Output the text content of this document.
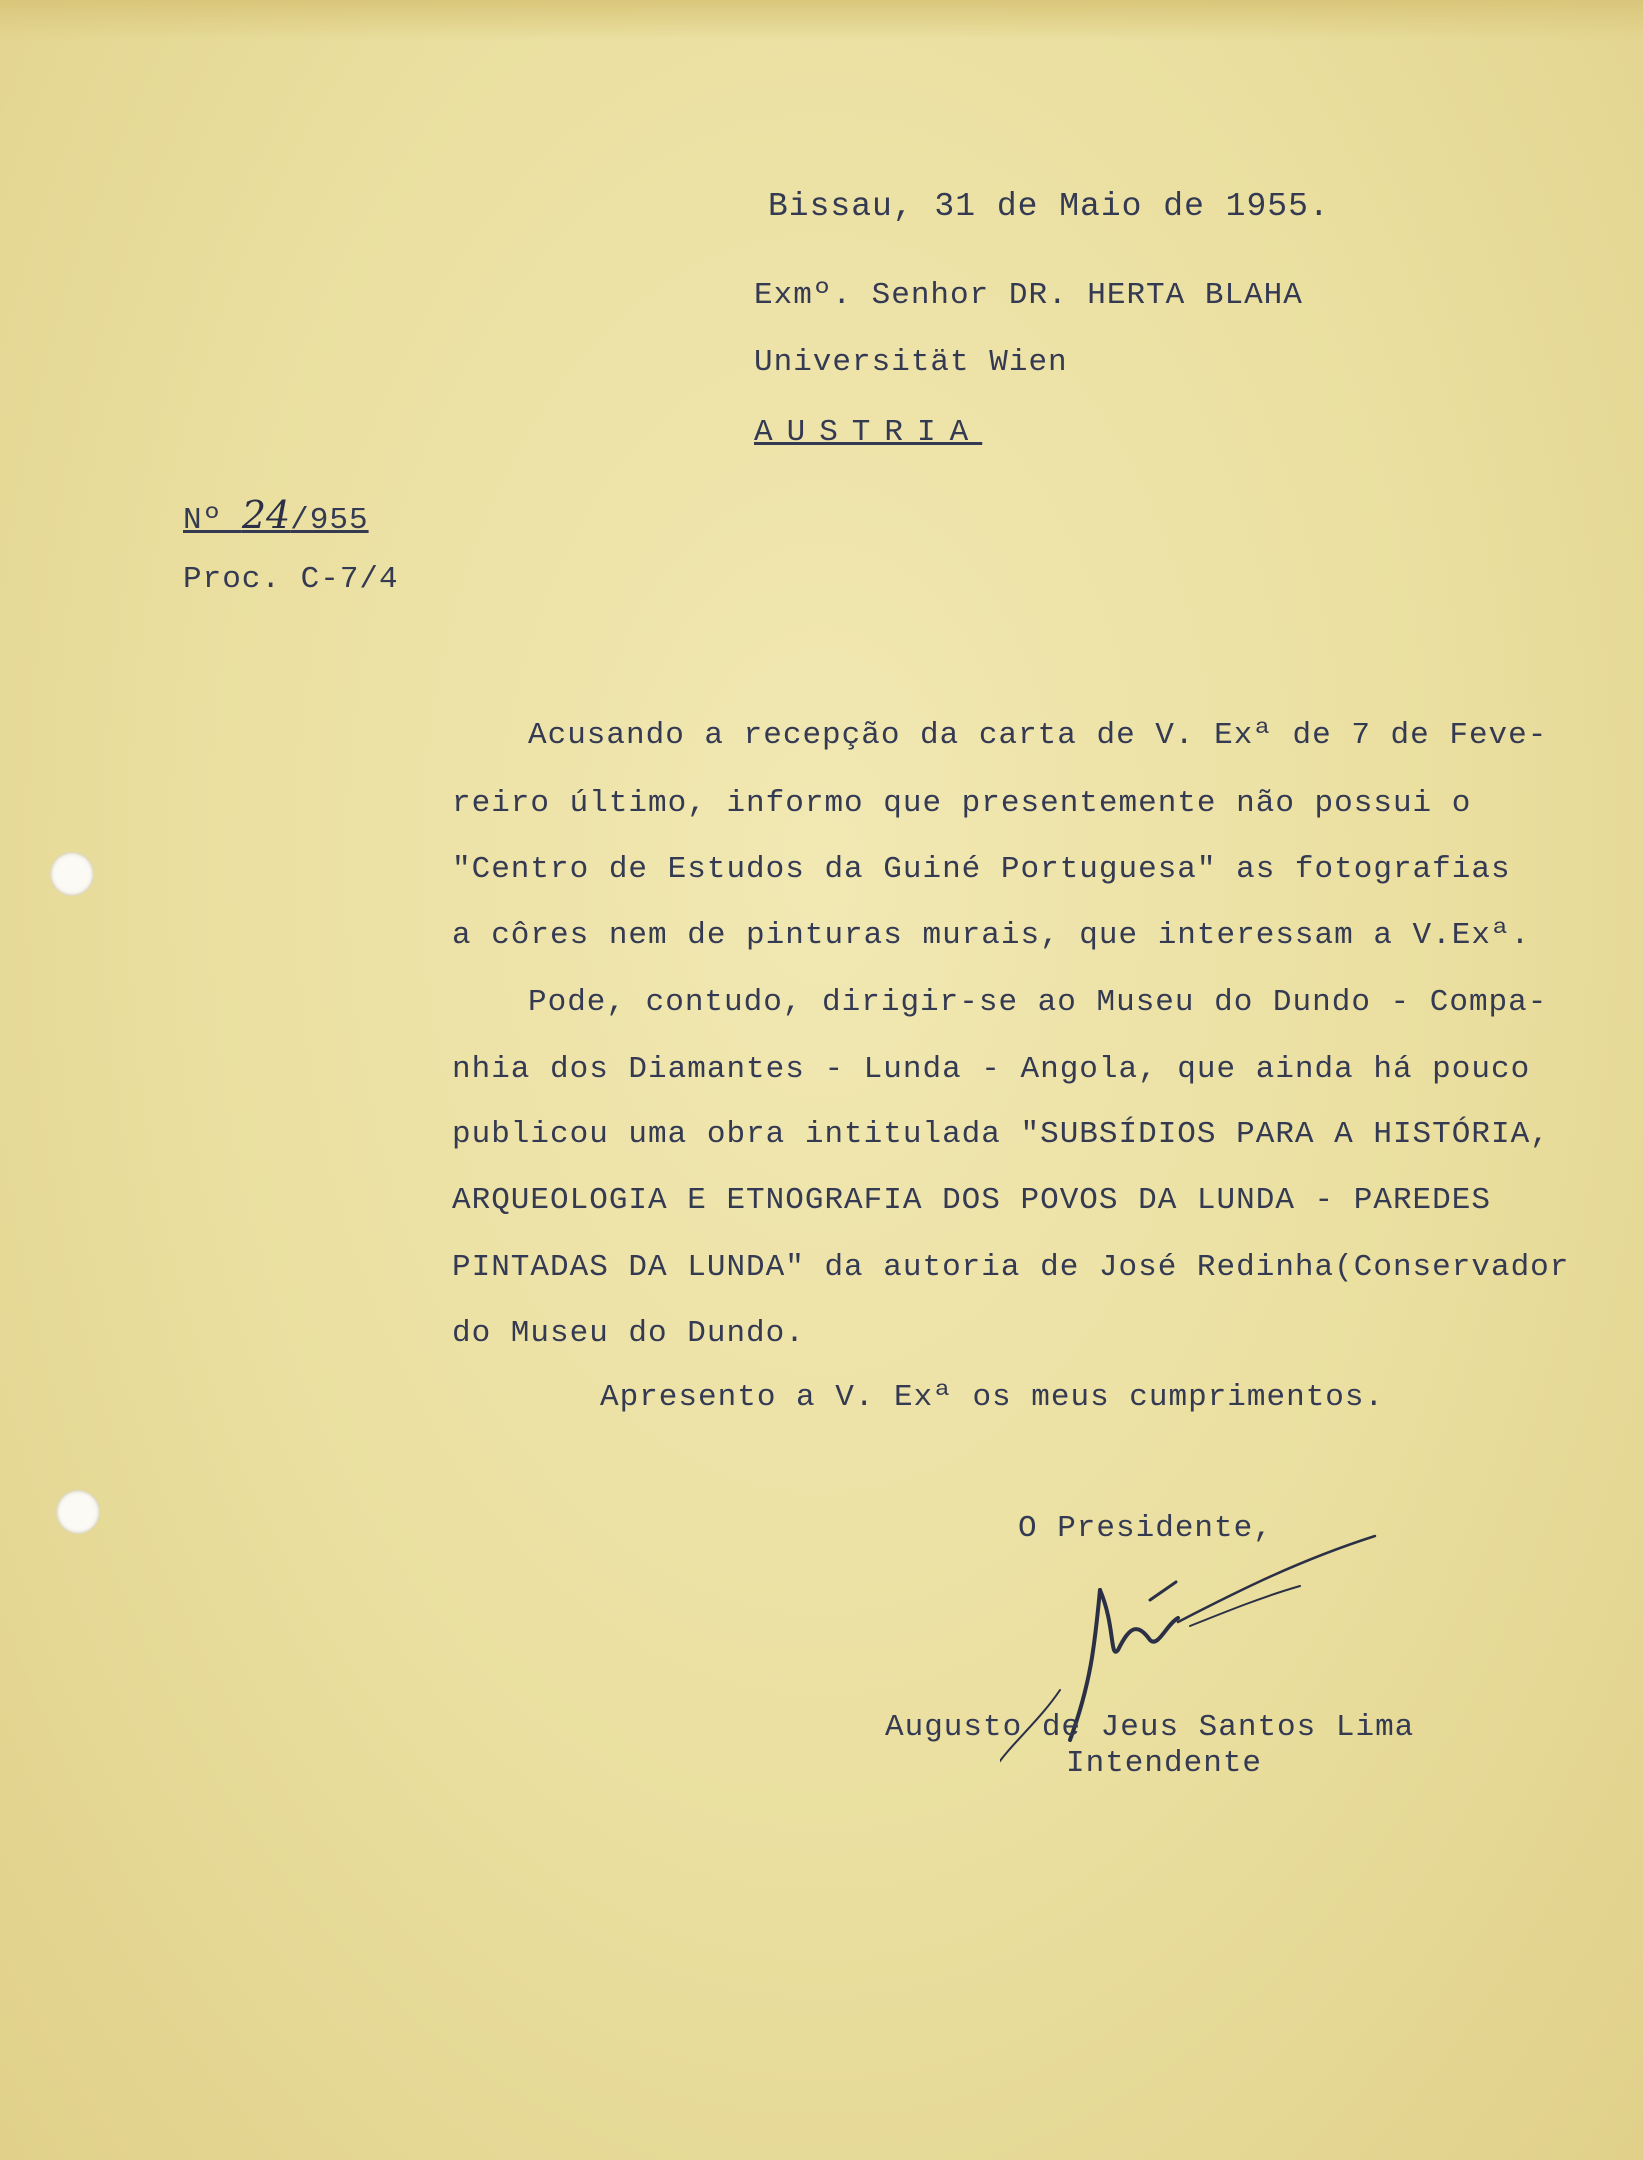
Bissau, 31 de Maio de 1955.
Exmº. Senhor DR. HERTA BLAHA
Universität Wien
AUSTRIA
Nº 24/955
Proc. C-7/4
Acusando a recepção da carta de V. Exª de 7 de Feve-
reiro último, informo que presentemente não possui o
"Centro de Estudos da Guiné Portuguesa" as fotografias
a côres nem de pinturas murais, que interessam a V.Exª.
Pode, contudo, dirigir-se ao Museu do Dundo - Compa-
nhia dos Diamantes - Lunda - Angola, que ainda há pouco
publicou uma obra intitulada "SUBSÍDIOS PARA A HISTÓRIA,
ARQUEOLOGIA E ETNOGRAFIA DOS POVOS DA LUNDA - PAREDES
PINTADAS DA LUNDA" da autoria de José Redinha(Conservador
do Museu do Dundo.
Apresento a V. Exª os meus cumprimentos.
O Presidente,
Augusto de Jeus Santos Lima
Intendente
